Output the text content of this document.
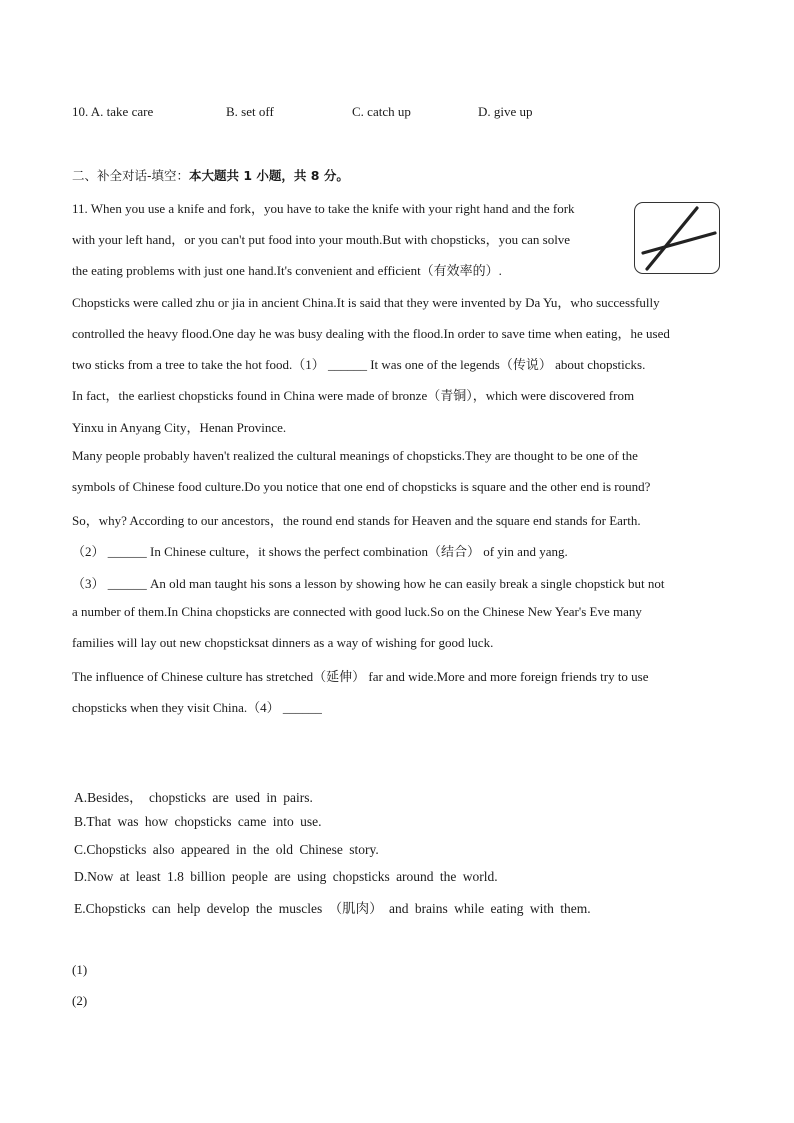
10. A. take care	B. set off	C. catch up	D. give up
二、补全对话-填空：本大题共 1 小题，共 8 分。
11. When you use a knife and fork，you have to take the knife with your right hand and the fork
with your left hand，or you can't put food into your mouth.But with chopsticks，you can solve
the eating problems with just one hand.It's convenient and efficient（有效率的）.
Chopsticks were called zhu or jia in ancient China.It is said that they were invented by Da Yu，who successfully
controlled the heavy flood.One day he was busy dealing with the flood.In order to save time when eating，he used
two sticks from a tree to take the hot food.（1） ______ It was one of the legends（传说） about chopsticks.
In fact，the earliest chopsticks found in China were made of bronze（青铜），which were discovered from
Yinxu in Anyang City，Henan Province.
Many people probably haven't realized the cultural meanings of chopsticks.They are thought to be one of the
symbols of Chinese food culture.Do you notice that one end of chopsticks is square and the other end is round?
So，why? According to our ancestors，the round end stands for Heaven and the square end stands for Earth.
（2） ______ In Chinese culture，it shows the perfect combination（结合） of yin and yang.
（3） ______ An old man taught his sons a lesson by showing how he can easily break a single chopstick but not
a number of them.In China chopsticks are connected with good luck.So on the Chinese New Year's Eve many
families will lay out new chopsticksat dinners as a way of wishing for good luck.
The influence of Chinese culture has stretched（延伸） far and wide.More and more foreign friends try to use
chopsticks when they visit China.（4） ______
A.Besides， chopsticks are used in pairs.
B.That was how chopsticks came into use.
C.Chopsticks also appeared in the old Chinese story.
D.Now at least 1.8 billion people are using chopsticks around the world.
E.Chopsticks can help develop the muscles （肌肉） and brains while eating with them.
(1)
(2)
